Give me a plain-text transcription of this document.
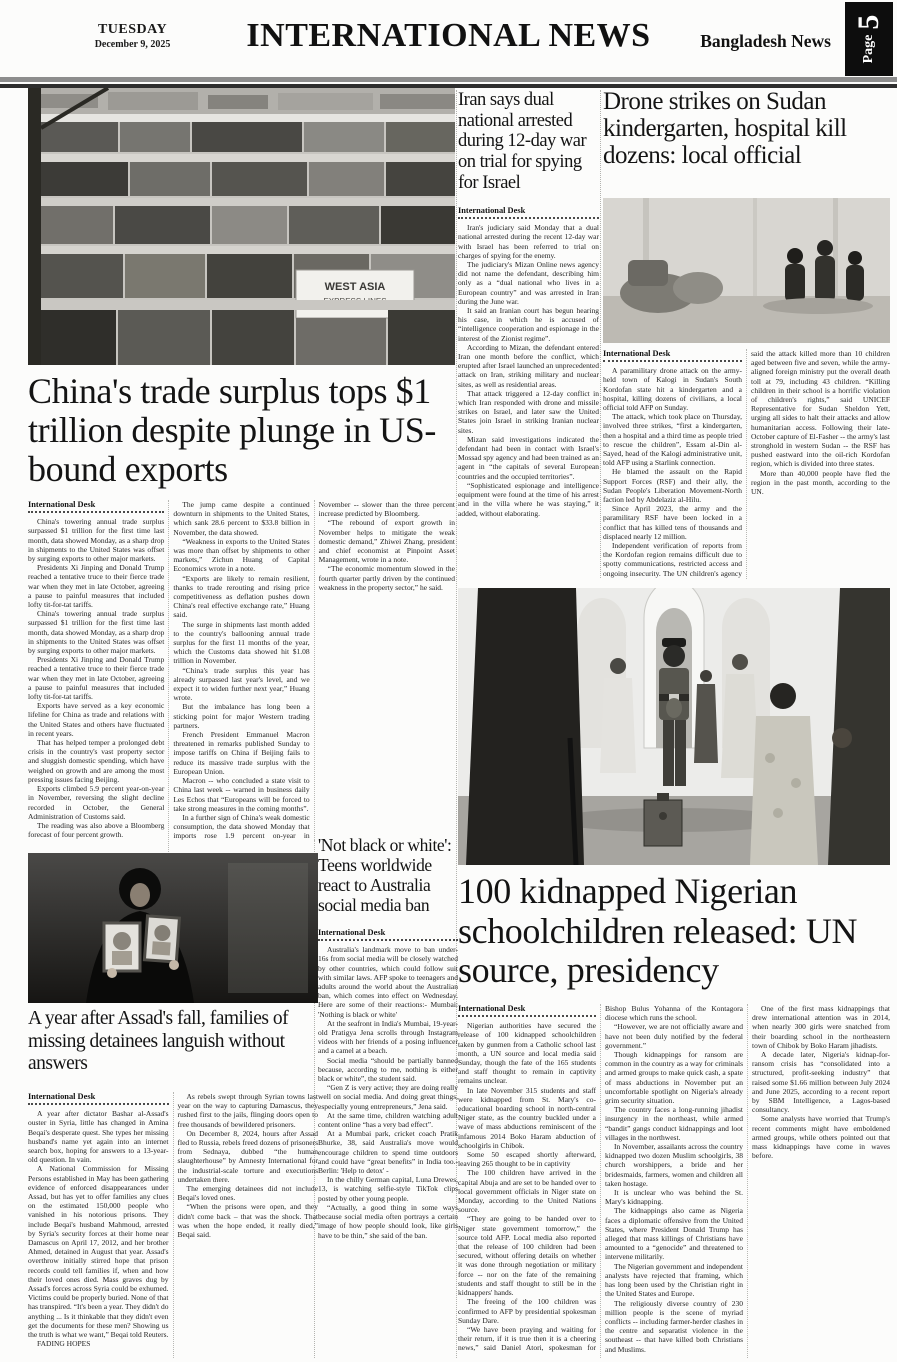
TUESDAY
December 9, 2025	INTERNATIONAL NEWS	Bangladesh News Page
5
WEST ASIA
China's trade surplus tops $1 trillion despite plunge in US-bound exports
International Desk

China's towering annual trade surplus surpassed $1 trillion for the first time last month, data showed Monday, as a sharp drop in shipments to the United States was offset by surging exports to other major markets.

Presidents Xi Jinping and Donald Trump reached a tentative truce to their fierce trade war when they met in late October, agreeing a pause to painful measures that included lofty tit-for-tat tariffs.

China's towering annual trade surplus surpassed $1 trillion for the first time last month, data showed Monday, as a sharp drop in shipments to the United States was offset by surging exports to other major markets.

Presidents Xi Jinping and Donald Trump reached a tentative truce to their fierce trade war when they met in late October, agreeing a pause to painful measures that included lofty tit-for-tat tariffs.

Exports have served as a key economic lifeline for China as trade and relations with the United States and others have fluctuated in recent years.

That has helped temper a prolonged debt crisis in the country's vast property sector and sluggish domestic spending, which have weighed on growth and are among the most pressing issues facing Beijing.

Exports climbed 5.9 percent year-on-year in November, reversing the slight decline recorded in October, the General Administration of Customs said.

The reading was also above a Bloomberg forecast of four percent growth.

The jump came despite a continued downturn in shipments to the United States, which sank 28.6 percent to $33.8 billion in November, the data showed.

“Weakness in exports to the United States was more than offset by shipments to other markets,” Zichun Huang of Capital Economics wrote in a note.

“Exports are likely to remain resilient, thanks to trade rerouting and rising price competitiveness as deflation pushes down China's real effective exchange rate,” Huang said.

The surge in shipments last month added to the country's ballooning annual trade surplus for the first 11 months of the year, which the Customs data showed hit $1.08 trillion in November.

“China's trade surplus this year has already surpassed last year's level, and we expect it to widen further next year,” Huang wrote.

But the imbalance has long been a sticking point for major Western trading partners.

French President Emmanuel Macron threatened in remarks published Sunday to impose tariffs on China if Beijing fails to reduce its massive trade surplus with the European Union.

Macron -- who concluded a state visit to China last week -- warned in business daily Les Echos that “Europeans will be forced to take strong measures in the coming months”.

In a further sign of China's weak domestic consumption, the data showed Monday that imports rose 1.9 percent on-year in November -- slower than the three percent increase predicted by Bloomberg.

“The rebound of export growth in November helps to mitigate the weak domestic demand,” Zhiwei Zhang, president and chief economist at Pinpoint Asset Management, wrote in a note.

“The economic momentum slowed in the fourth quarter partly driven by the continued weakness in the property sector,” he said.

Iran says dual national arrested during 12-day war on trial for spying for Israel
International Desk

Iran's judiciary said Monday that a dual national arrested during the recent 12-day war with Israel has been referred to trial on charges of spying for the enemy.

The judiciary's Mizan Online news agency did not name the defendant, describing him only as a “dual national who lives in a European country” and was arrested in Iran during the June war.

It said an Iranian court has begun hearing his case, in which he is accused of “intelligence cooperation and espionage in the interest of the Zionist regime”.

According to Mizan, the defendant entered Iran one month before the conflict, which erupted after Israel launched an unprecedented attack on Iran, striking military and nuclear sites, as well as residential areas.

That attack triggered a 12-day conflict in which Iran responded with drone and missile strikes on Israel, and later saw the United States join Israel in striking Iranian nuclear sites.

Mizan said investigations indicated the defendant had been in contact with Israel's Mossad spy agency and had been trained as an agent in “the capitals of several European countries and the occupied territories”.

“Sophisticated espionage and intelligence equipment were found at the time of his arrest and in the villa where he was staying,” it added, without elaborating.

Drone strikes on Sudan kindergarten, hospital kill dozens: local official
International Desk

A paramilitary drone attack on the army-held town of Kalogi in Sudan's South Kordofan state hit a kindergarten and a hospital, killing dozens of civilians, a local official told AFP on Sunday.

The attack, which took place on Thursday, involved three strikes, “first a kindergarten, then a hospital and a third time as people tried to rescue the children”, Essam al-Din al-Sayed, head of the Kalogi administrative unit, told AFP using a Starlink connection.

He blamed the assault on the Rapid Support Forces (RSF) and their ally, the Sudan People's Liberation Movement-North faction led by Abdelaziz al-Hilu.

Since April 2023, the army and the paramilitary RSF have been locked in a conflict that has killed tens of thousands and displaced nearly 12 million.

Independent verification of reports from the Kordofan region remains difficult due to spotty communications, restricted access and ongoing insecurity. The UN children's agency said the attack killed more than 10 children aged between five and seven, while the army-aligned foreign ministry put the overall death toll at 79, including 43 children. “Killing children in their school is a horrific violation of children's rights,” said UNICEF Representative for Sudan Sheldon Yett, urging all sides to halt their attacks and allow humanitarian access. Following their late-October capture of El-Fasher -- the army's last stronghold in western Sudan -- the RSF has pushed eastward into the oil-rich Kordofan region, which is divided into three states.

More than 40,000 people have fled the region in the past month, according to the UN.

100 kidnapped Nigerian schoolchildren released: UN source, presidency
International Desk

Nigerian authorities have secured the release of 100 kidnapped schoolchildren taken by gunmen from a Catholic school last month, a UN source and local media said Sunday, though the fate of the 165 students and staff thought to remain in captivity remains unclear.

In late November 315 students and staff were kidnapped from St. Mary's co-educational boarding school in north-central Niger state, as the country buckled under a wave of mass abductions reminiscent of the infamous 2014 Boko Haram abduction of schoolgirls in Chibok.

Some 50 escaped shortly afterward, leaving 265 thought to be in captivity

The 100 children have arrived in the capital Abuja and are set to be handed over to local government officials in Niger state on Monday, according to the United Nations source.

“They are going to be handed over to Niger state government tomorrow,” the source told AFP. Local media also reported that the release of 100 children had been secured, without offering details on whether it was done through negotiation or military force -- nor on the fate of the remaining students and staff thought to still be in the kidnappers' hands.

The freeing of the 100 children was confirmed to AFP by presidential spokesman Sunday Dare.

“We have been praying and waiting for their return, if it is true then it is a cheering news,” said Daniel Atori, spokesman for Bishop Bulus Yohanna of the Kontagora diocese which runs the school.

“However, we are not officially aware and have not been duly notified by the federal government.”

Though kidnappings for ransom are common in the country as a way for criminals and armed groups to make quick cash, a spate of mass abductions in November put an uncomfortable spotlight on Nigeria's already grim security situation.

The country faces a long-running jihadist insurgency in the northeast, while armed “bandit” gangs conduct kidnappings and loot villages in the northwest.

In November, assailants across the country kidnapped two dozen Muslim schoolgirls, 38 church worshippers, a bride and her bridesmaids, farmers, women and children all taken hostage.

It is unclear who was behind the St. Mary's kidnapping.

The kidnappings also came as Nigeria faces a diplomatic offensive from the United States, where President Donald Trump has alleged that mass killings of Christians have amounted to a “genocide” and threatened to intervene militarily.

The Nigerian government and independent analysts have rejected that framing, which has long been used by the Christian right in the United States and Europe.

The religiously diverse country of 230 million people is the scene of myriad conflicts -- including farmer-herder clashes in the centre and separatist violence in the southeast -- that have killed both Christians and Muslims.

One of the first mass kidnappings that drew international attention was in 2014, when nearly 300 girls were snatched from their boarding school in the northeastern town of Chibok by Boko Haram jihadists.

A decade later, Nigeria's kidnap-for-ransom crisis has “consolidated into a structured, profit-seeking industry” that raised some $1.66 million between July 2024 and June 2025, according to a recent report by SBM Intelligence, a Lagos-based consultancy.

Some analysts have worried that Trump's recent comments might have emboldened armed groups, while others pointed out that mass kidnappings have come in waves before.

'Not black or white': Teens worldwide react to Australia social media ban
International Desk

Australia's landmark move to ban under-16s from social media will be closely watched by other countries, which could follow suit with similar laws. AFP spoke to teenagers and adults around the world about the Australian ban, which comes into effect on Wednesday. Here are some of their reactions:- Mumbai: 'Nothing is black or white'

At the seafront in India's Mumbai, 19-year-old Pratigya Jena scrolls through Instagram videos with her friends of a posing influencer and a camel at a beach.

Social media “should be partially banned because, according to me, nothing is either black or white”, the student said.

“Gen Z is very active; they are doing really well on social media. And doing great things, especially young entrepreneurs,” Jena said.

At the same time, children watching adult content online “has a very bad effect”.

At a Mumbai park, cricket coach Pratik Bhurke, 38, said Australia's move would encourage children to spend time outdoors and could have “great benefits” in India too.- Berlin: 'Help to detox' -

In the chilly German capital, Luna Drewes, 13, is watching selfie-style TikTok clips posted by other young people.

“Actually, a good thing in some ways because social media often portrays a certain image of how people should look, like girls have to be thin,” she said of the ban.

A year after Assad's fall, families of missing detainees languish without answers
International Desk

A year after dictator Bashar al-Assad's ouster in Syria, little has changed in Amina Beqai's desperate quest. She types her missing husband's name yet again into an internet search box, hoping for answers to a 13-year-old question. In vain.

A National Commission for Missing Persons established in May has been gathering evidence of enforced disappearances under Assad, but has yet to offer families any clues on the estimated 150,000 people who vanished in his notorious prisons. They include Beqai's husband Mahmoud, arrested by Syria's security forces at their home near Damascus on April 17, 2012, and her brother Ahmed, detained in August that year. Assad's overthrow initially stirred hope that prison records could tell families if, when and how their loved ones died. Mass graves dug by Assad's forces across Syria could be exhumed. Victims could be properly buried. None of that has transpired. “It's been a year. They didn't do anything ... Is it thinkable that they didn't even get the documents for these men? Showing us the truth is what we want,” Beqai told Reuters.

FADING HOPES

As rebels swept through Syrian towns last year on the way to capturing Damascus, they rushed first to the jails, flinging doors open to free thousands of bewildered prisoners.

On December 8, 2024, hours after Assad fled to Russia, rebels freed dozens of prisoners from Sednaya, dubbed “the human slaughterhouse” by Amnesty International for the industrial-scale torture and executions undertaken there.

The emerging detainees did not include Beqai's loved ones.

“When the prisons were open, and they didn't come back – that was the shock. That was when the hope ended, it really died,” Beqai said.
